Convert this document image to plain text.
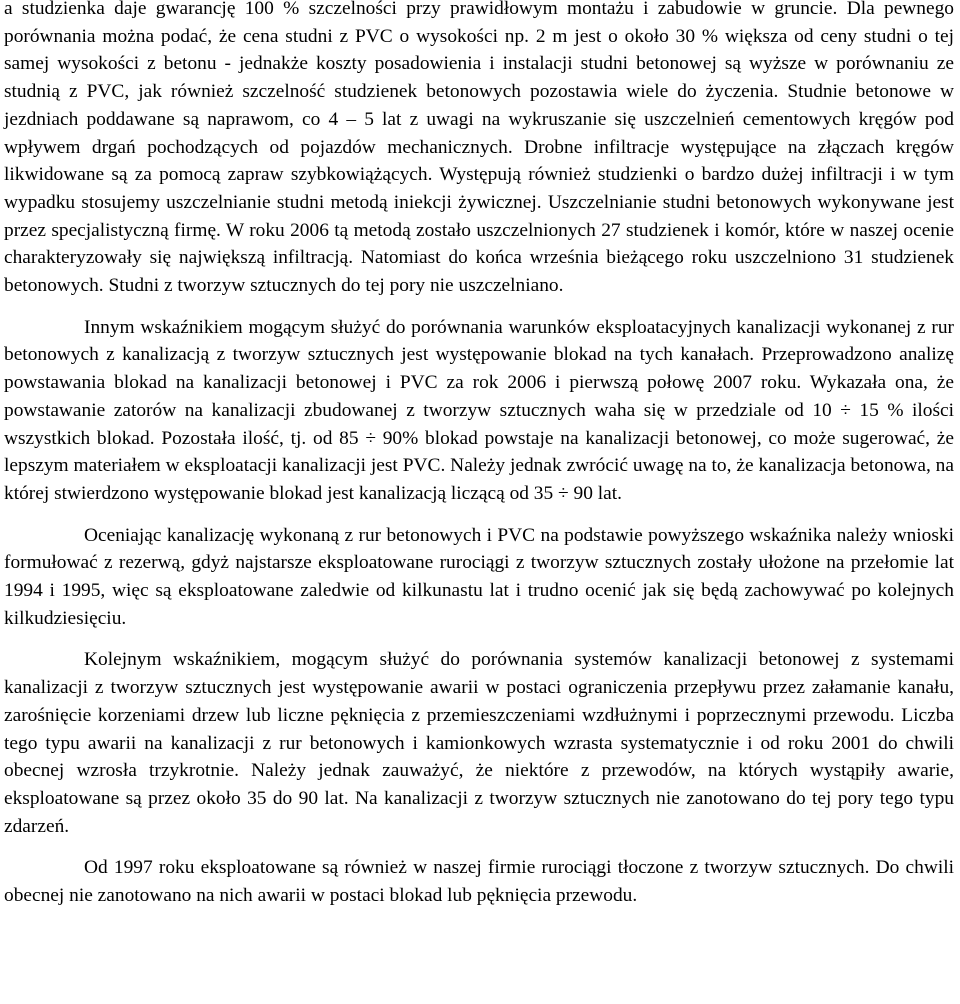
a studzienka daje gwarancję 100 % szczelności przy prawidłowym montażu i zabudowie w gruncie. Dla pewnego porównania można podać, że cena studni z PVC o wysokości np. 2 m jest o około 30 % większa od ceny studni o tej samej wysokości z betonu - jednakże koszty posadowienia i instalacji studni betonowej są wyższe w porównaniu ze studnią z PVC, jak również szczelność studzienek betonowych pozostawia wiele do życzenia. Studnie betonowe w jezdniach poddawane są naprawom, co 4 – 5 lat z uwagi na wykruszanie się uszczelnień cementowych kręgów pod wpływem drgań pochodzących od pojazdów mechanicznych. Drobne infiltracje występujące na złączach kręgów likwidowane są za pomocą zapraw szybkowiążących. Występują również studzienki o bardzo dużej infiltracji i w tym wypadku stosujemy uszczelnianie studni metodą iniekcji żywicznej. Uszczelnianie studni betonowych wykonywane jest przez specjalistyczną firmę. W roku 2006 tą metodą zostało uszczelnionych 27 studzienek i komór, które w naszej ocenie charakteryzowały się największą infiltracją. Natomiast do końca września bieżącego roku uszczelniono 31 studzienek betonowych. Studni z tworzyw sztucznych do tej pory nie uszczelniano.

Innym wskaźnikiem mogącym służyć do porównania warunków eksploatacyjnych kanalizacji wykonanej z rur betonowych z kanalizacją z tworzyw sztucznych jest występowanie blokad na tych kanałach. Przeprowadzono analizę powstawania blokad na kanalizacji betonowej i PVC za rok 2006 i pierwszą połowę 2007 roku. Wykazała ona, że powstawanie zatorów na kanalizacji zbudowanej z tworzyw sztucznych waha się w przedziale od 10 ÷ 15 % ilości wszystkich blokad. Pozostała ilość, tj. od 85 ÷ 90% blokad powstaje na kanalizacji betonowej, co może sugerować, że lepszym materiałem w eksploatacji kanalizacji jest PVC. Należy jednak zwrócić uwagę na to, że kanalizacja betonowa, na której stwierdzono występowanie blokad jest kanalizacją liczącą od 35 ÷ 90 lat.

Oceniając kanalizację wykonaną z rur betonowych i PVC na podstawie powyższego wskaźnika należy wnioski formułować z rezerwą, gdyż najstarsze eksploatowane rurociągi z tworzyw sztucznych zostały ułożone na przełomie lat 1994 i 1995, więc są eksploatowane zaledwie od kilkunastu lat i trudno ocenić jak się będą zachowywać po kolejnych kilkudziesięciu.

Kolejnym wskaźnikiem, mogącym służyć do porównania systemów kanalizacji betonowej z systemami kanalizacji z tworzyw sztucznych jest występowanie awarii w postaci ograniczenia przepływu przez załamanie kanału, zarośnięcie korzeniami drzew lub liczne pęknięcia z przemieszczeniami wzdłużnymi i poprzecznymi przewodu. Liczba tego typu awarii na kanalizacji z rur betonowych i kamionkowych wzrasta systematycznie i od roku 2001 do chwili obecnej wzrosła trzykrotnie. Należy jednak zauważyć, że niektóre z przewodów, na których wystąpiły awarie, eksploatowane są przez około 35 do 90 lat. Na kanalizacji z tworzyw sztucznych nie zanotowano do tej pory tego typu zdarzeń.

Od 1997 roku eksploatowane są również w naszej firmie rurociągi tłoczone z tworzyw sztucznych. Do chwili obecnej nie zanotowano na nich awarii w postaci blokad lub pęknięcia przewodu.
